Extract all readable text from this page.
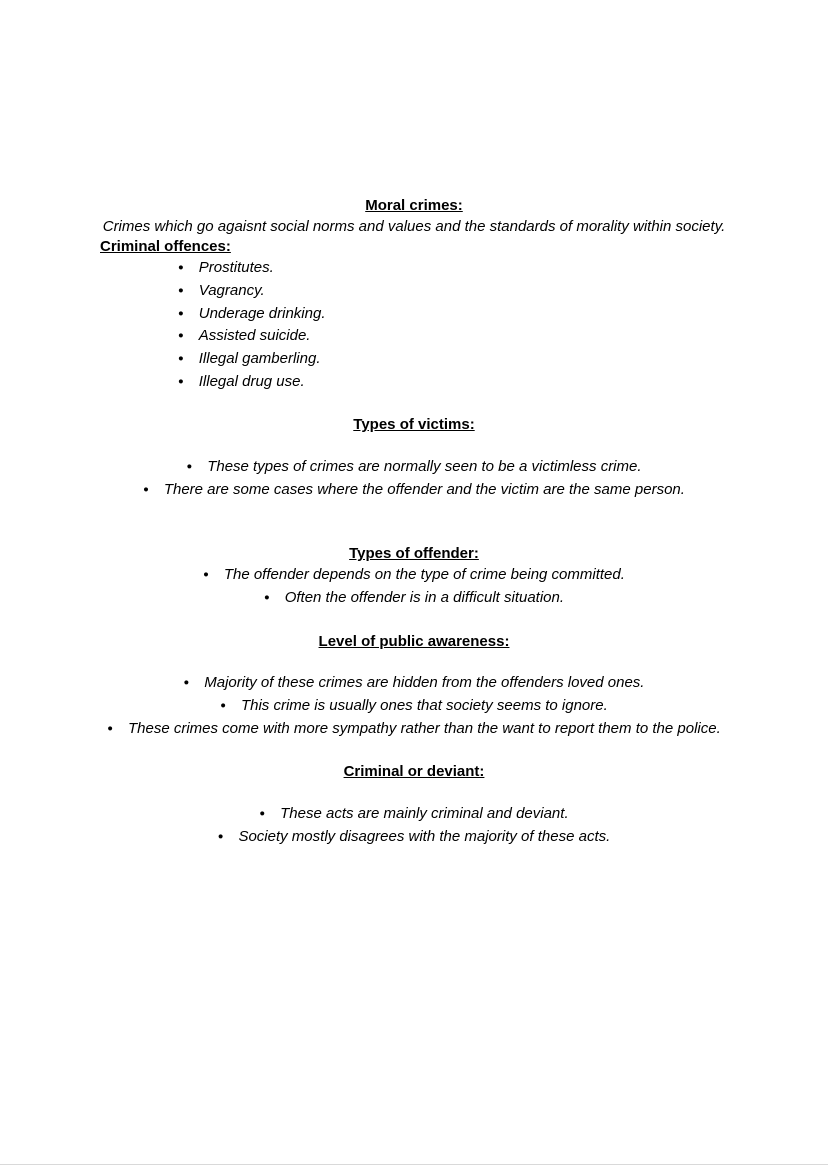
Moral crimes:
Crimes which go agaisnt social norms and values and the standards of morality within society.
Criminal offences:
● Prostitutes.
● Vagrancy.
● Underage drinking.
● Assisted suicide.
● Illegal gamberling.
● Illegal drug use.
Types of victims:
● These types of crimes are normally seen to be a victimless crime.
● There are some cases where the offender and the victim are the same person.
Types of offender:
● The offender depends on the type of crime being committed.
● Often the offender is in a difficult situation.
Level of public awareness:
● Majority of these crimes are hidden from the offenders loved ones.
● This crime is usually ones that society seems to ignore.
● These crimes come with more sympathy rather than the want to report them to the police.
Criminal or deviant:
● These acts are mainly criminal and deviant.
● Society mostly disagrees with the majority of these acts.
